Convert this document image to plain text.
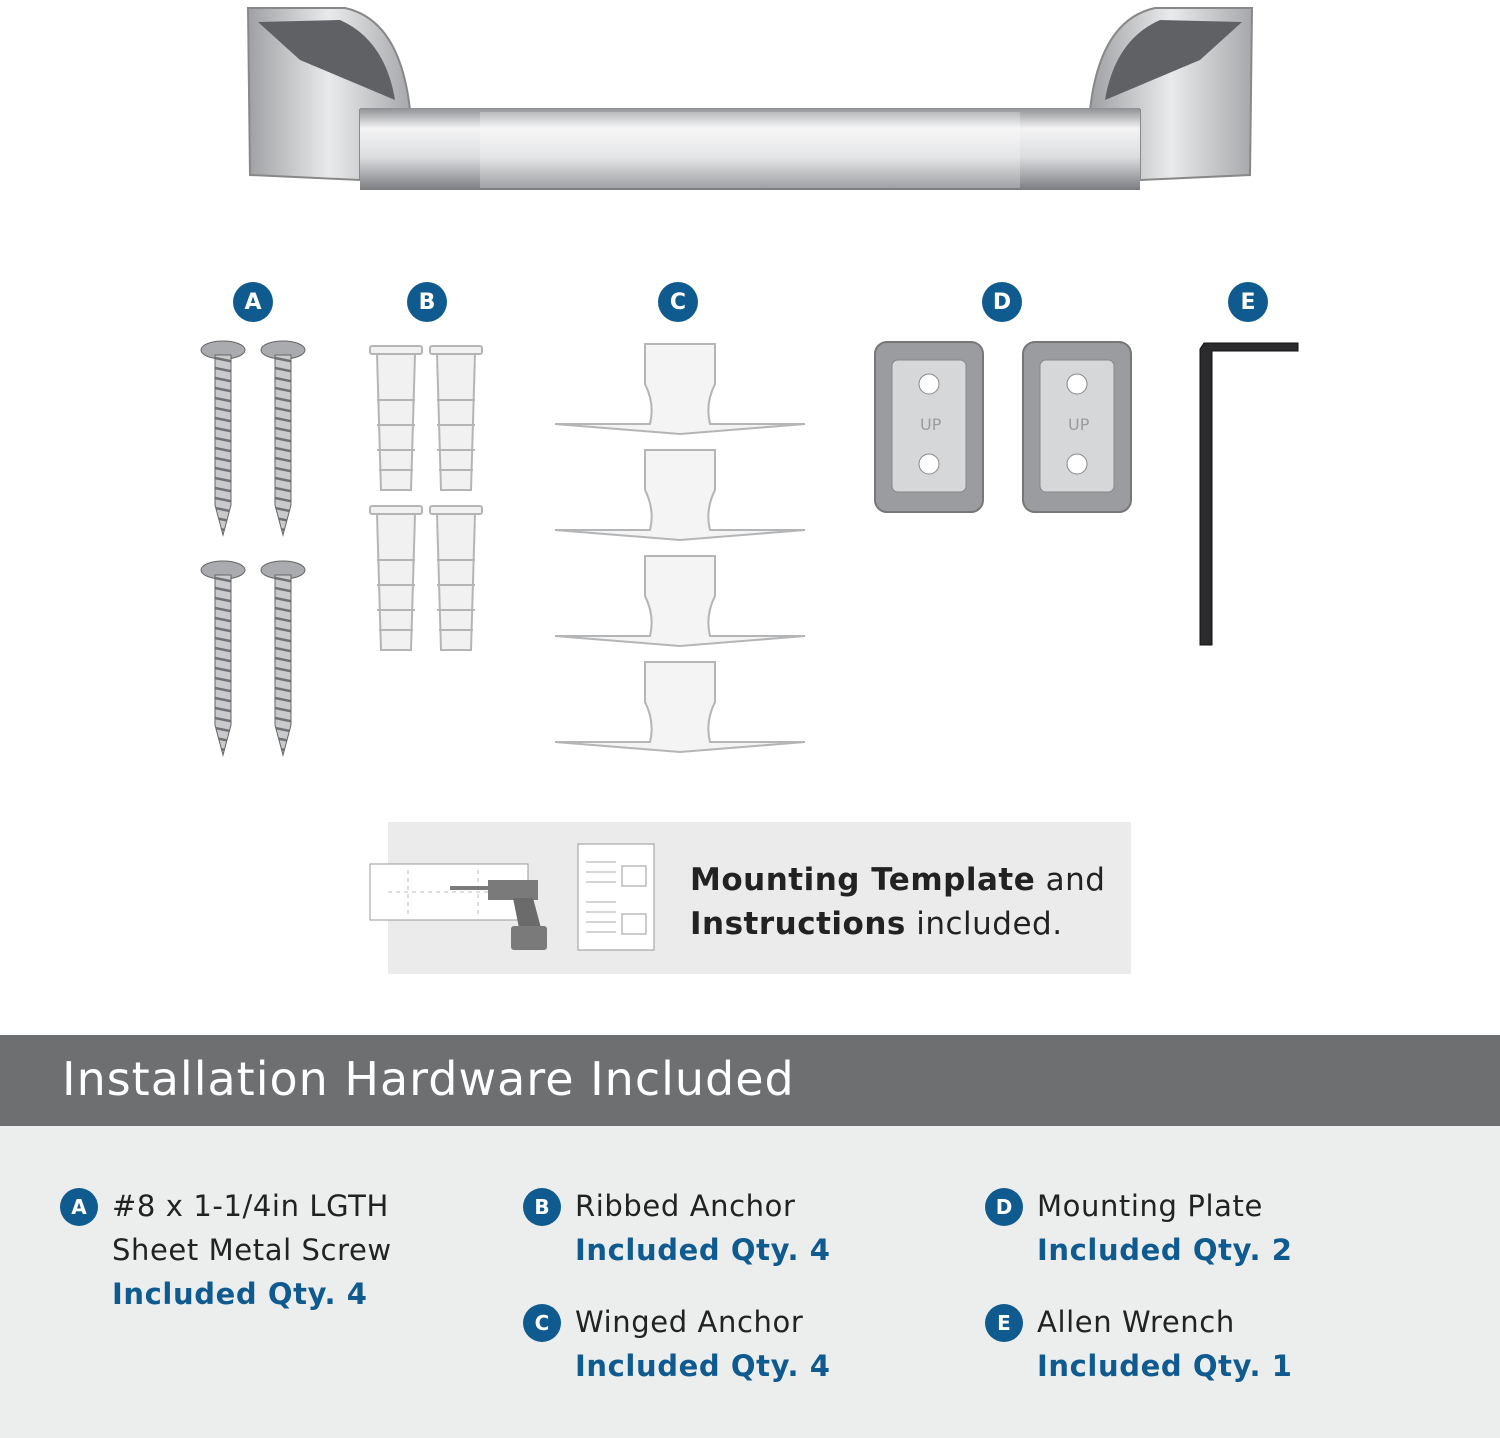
A	B	C	D	E
UP	UP
Mounting Template and
Instructions included.
Installation Hardware Included
A #8 x 1-1/4in LGTH
Sheet Metal Screw
Included Qty. 4
B Ribbed Anchor
Included Qty. 4
C Winged Anchor
Included Qty. 4
D Mounting Plate
Included Qty. 2
E Allen Wrench
Included Qty. 1
